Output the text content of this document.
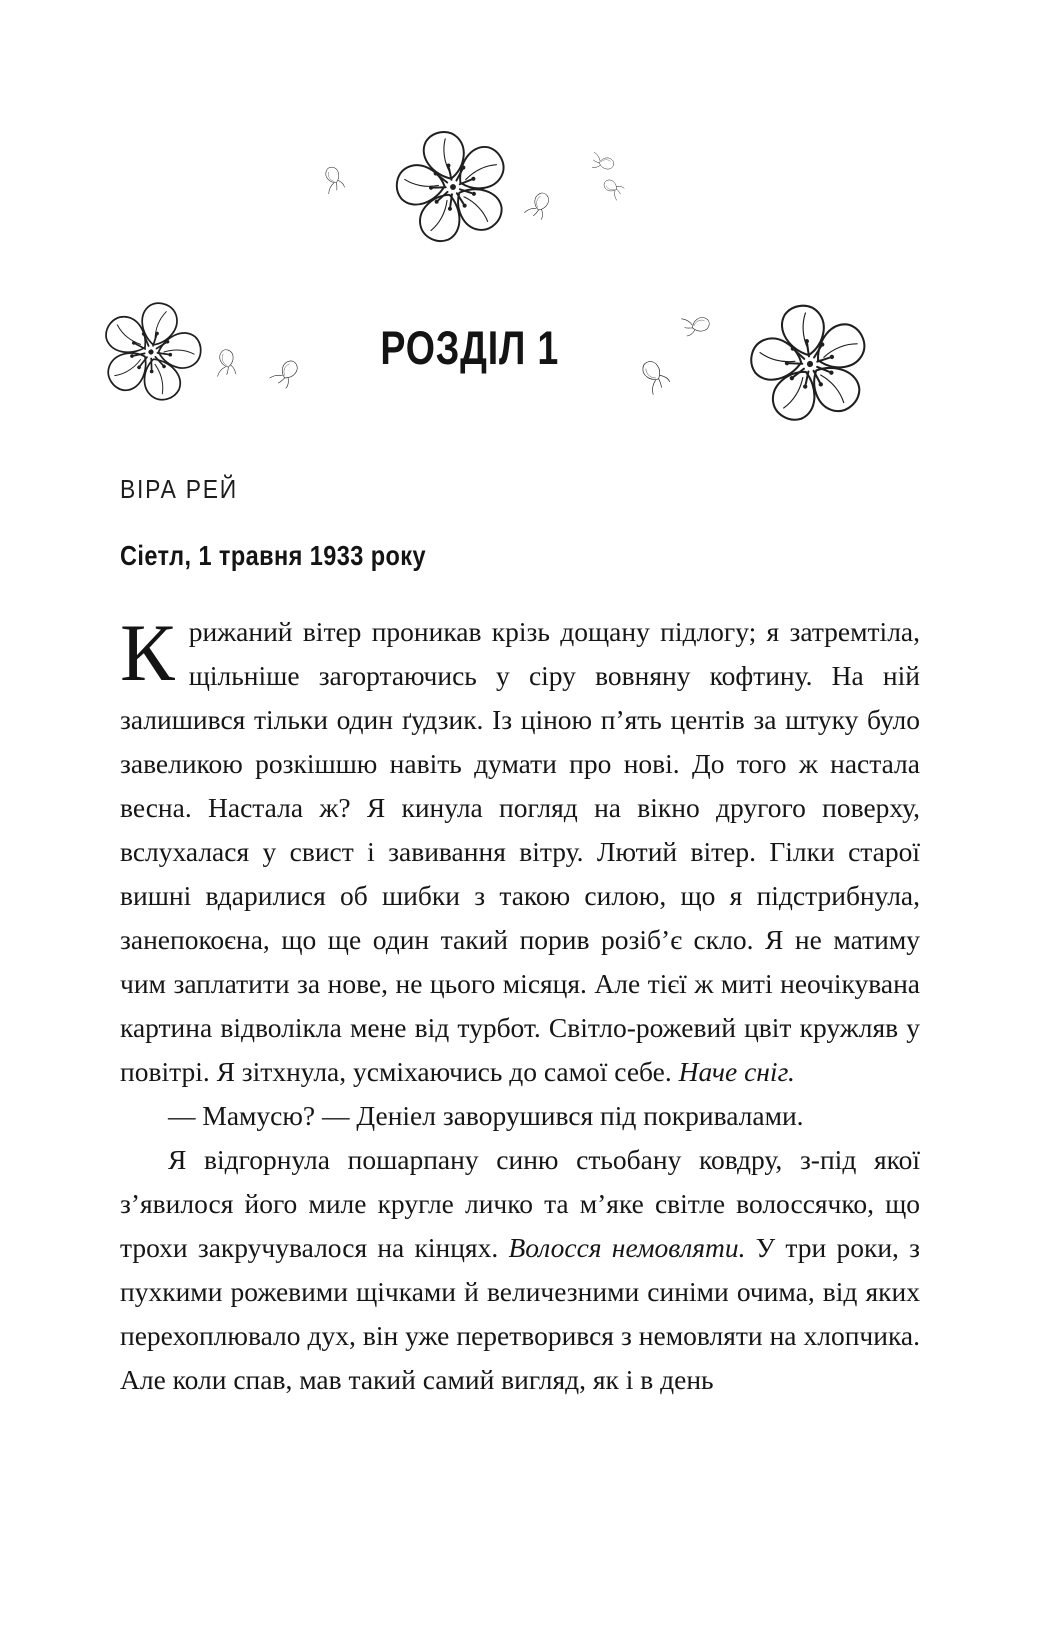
РОЗДІЛ 1
ВІРА РЕЙ
Сіетл, 1 травня 1933 року

Крижаний вітер проникав крізь дощану підлогу; я затремтіла, щільніше загортаючись у сіру вовняну кофтину. На ній залишився тільки один ґудзик. Із ціною п’ять центів за штуку було завеликою розкішшю навіть думати про нові. До того ж настала весна. Настала ж? Я кинула погляд на вікно другого поверху, вслухалася у свист і завивання вітру. Лютий вітер. Гілки старої вишні вдарилися об шибки з такою силою, що я підстрибнула, занепокоєна, що ще один такий порив розіб’є скло. Я не матиму чим заплатити за нове, не цього місяця. Але тієї ж миті неочікувана картина відволікла мене від турбот. Світло-рожевий цвіт кружляв у повітрі. Я зітхнула, усміхаючись до самої себе. Наче сніг.

— Мамусю? — Деніел заворушився під покривалами.

Я відгорнула пошарпану синю стьобану ковдру, з-під якої з’явилося його миле кругле личко та м’яке світле волоссячко, що трохи закручувалося на кінцях. Волосся немовляти. У три роки, з пухкими рожевими щічками й величезними синіми очима, від яких перехоплювало дух, він уже перетворився з немовляти на хлопчика. Але коли спав, мав такий самий вигляд, як і в день
